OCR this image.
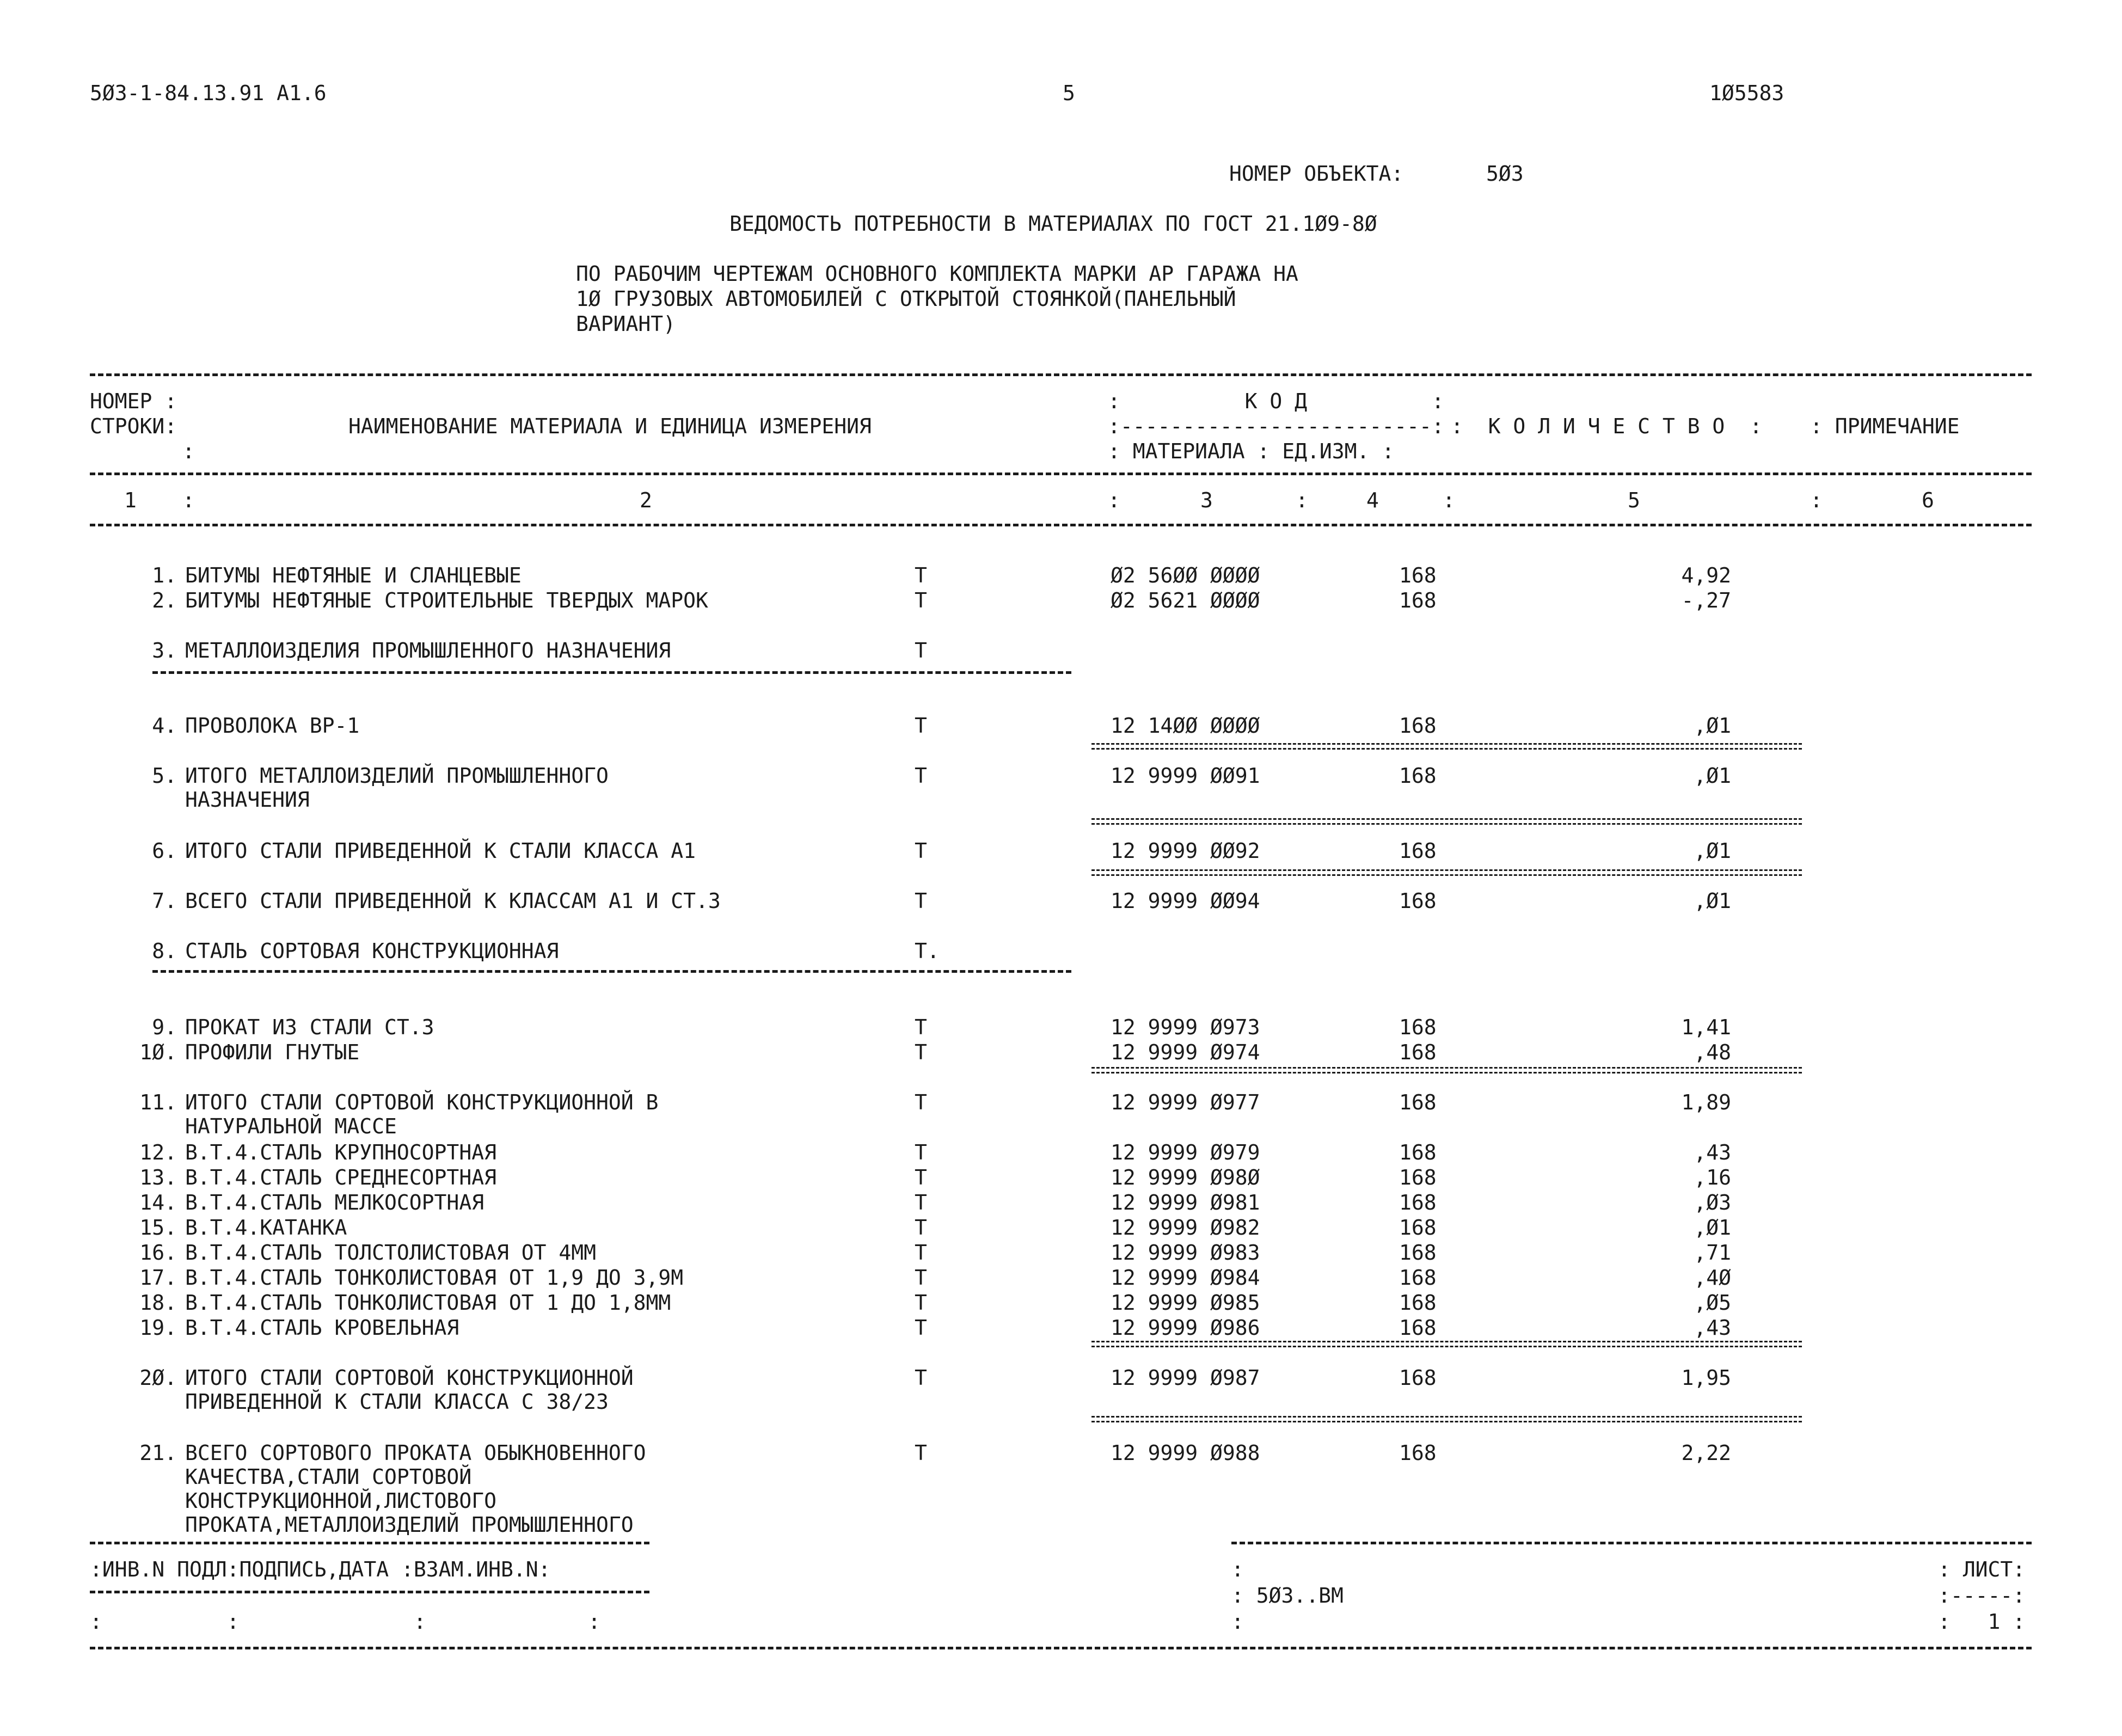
5Ø3-1-84.13.91 A1.6	5	1Ø5583
НОМЕР ОБЪЕКТА:	5Ø3
ВЕДОМОСТЬ ПОТРЕБНОСТИ В МАТЕРИАЛАХ ПО ГОСТ 21.1Ø9-8Ø
ПО РАБОЧИМ ЧЕРТЕЖАМ ОСНОВНОГО КОМПЛЕКТА МАРКИ АР ГАРАЖА НА
1Ø ГРУЗОВЫХ АВТОМОБИЛЕЙ С ОТКРЫТОЙ СТОЯНКОЙ(ПАНЕЛЬНЫЙ
ВАРИАНТ)
НОМЕР :
СТРОКИ:
:
НАИМЕНОВАНИЕ МАТЕРИАЛА И ЕДИНИЦА ИЗМЕРЕНИЯ
:          К О Д          :
:-------------------------:
: МАТЕРИАЛА : ЕД.ИЗМ. :
:  К О Л И Ч Е С Т В О  : : ПРИМЕЧАНИЕ
1 :	2	:	3	:	4	:	5	:	6
1. БИТУМЫ НЕФТЯНЫЕ И СЛАНЦЕВЫЕ	Т	Ø2 56ØØ ØØØØ	168	4,92
2. БИТУМЫ НЕФТЯНЫЕ СТРОИТЕЛЬНЫЕ ТВЕРДЫХ МАРОК	Т	Ø2 5621 ØØØØ	168	-,27
3. МЕТАЛЛОИЗДЕЛИЯ ПРОМЫШЛЕННОГО НАЗНАЧЕНИЯ	Т
4. ПРОВОЛОКА ВР-1	Т	12 14ØØ ØØØØ	168	,Ø1
5. ИТОГО МЕТАЛЛОИЗДЕЛИЙ ПРОМЫШЛЕННОГО
НАЗНАЧЕНИЯ
Т	12 9999 ØØ91	168	,Ø1
6. ИТОГО СТАЛИ ПРИВЕДЕННОЙ К СТАЛИ КЛАССА А1	Т	12 9999 ØØ92	168	,Ø1
7. ВСЕГО СТАЛИ ПРИВЕДЕННОЙ К КЛАССАМ А1 И СТ.3	Т	12 9999 ØØ94	168	,Ø1
8. СТАЛЬ СОРТОВАЯ КОНСТРУКЦИОННАЯ	Т.
9. ПРОКАТ ИЗ СТАЛИ СТ.3	Т	12 9999 Ø973	168	1,41
1Ø. ПРОФИЛИ ГНУТЫЕ	Т	12 9999 Ø974	168	,48
11. ИТОГО СТАЛИ СОРТОВОЙ КОНСТРУКЦИОННОЙ В
НАТУРАЛЬНОЙ МАССЕ
Т	12 9999 Ø977	168	1,89
12. В.Т.4.СТАЛЬ КРУПНОСОРТНАЯ	Т	12 9999 Ø979	168	,43
13. В.Т.4.СТАЛЬ СРЕДНЕСОРТНАЯ	Т	12 9999 Ø98Ø	168	,16
14. В.Т.4.СТАЛЬ МЕЛКОСОРТНАЯ	Т	12 9999 Ø981	168	,Ø3
15. В.Т.4.КАТАНКА	Т	12 9999 Ø982	168	,Ø1
16. В.Т.4.СТАЛЬ ТОЛСТОЛИСТОВАЯ ОТ 4ММ	Т	12 9999 Ø983	168	,71
17. В.Т.4.СТАЛЬ ТОНКОЛИСТОВАЯ ОТ 1,9 ДО 3,9М	Т	12 9999 Ø984	168	,4Ø
18. В.Т.4.СТАЛЬ ТОНКОЛИСТОВАЯ ОТ 1 ДО 1,8ММ	Т	12 9999 Ø985	168	,Ø5
19. В.Т.4.СТАЛЬ КРОВЕЛЬНАЯ	Т	12 9999 Ø986	168	,43
2Ø. ИТОГО СТАЛИ СОРТОВОЙ КОНСТРУКЦИОННОЙ
ПРИВЕДЕННОЙ К СТАЛИ КЛАССА С 38/23
Т	12 9999 Ø987	168	1,95
21. ВСЕГО СОРТОВОГО ПРОКАТА ОБЫКНОВЕННОГО
КАЧЕСТВА,СТАЛИ СОРТОВОЙ
КОНСТРУКЦИОННОЙ,ЛИСТОВОГО
ПРОКАТА,МЕТАЛЛОИЗДЕЛИЙ ПРОМЫШЛЕННОГО
Т	12 9999 Ø988	168	2,22
:ИНВ.N ПОДЛ:ПОДПИСЬ,ДАТА :ВЗАМ.ИНВ.N:
:          :              :             :
:
: 5Ø3..ВМ
:
: ЛИСТ:
:-----:
:   1 :
